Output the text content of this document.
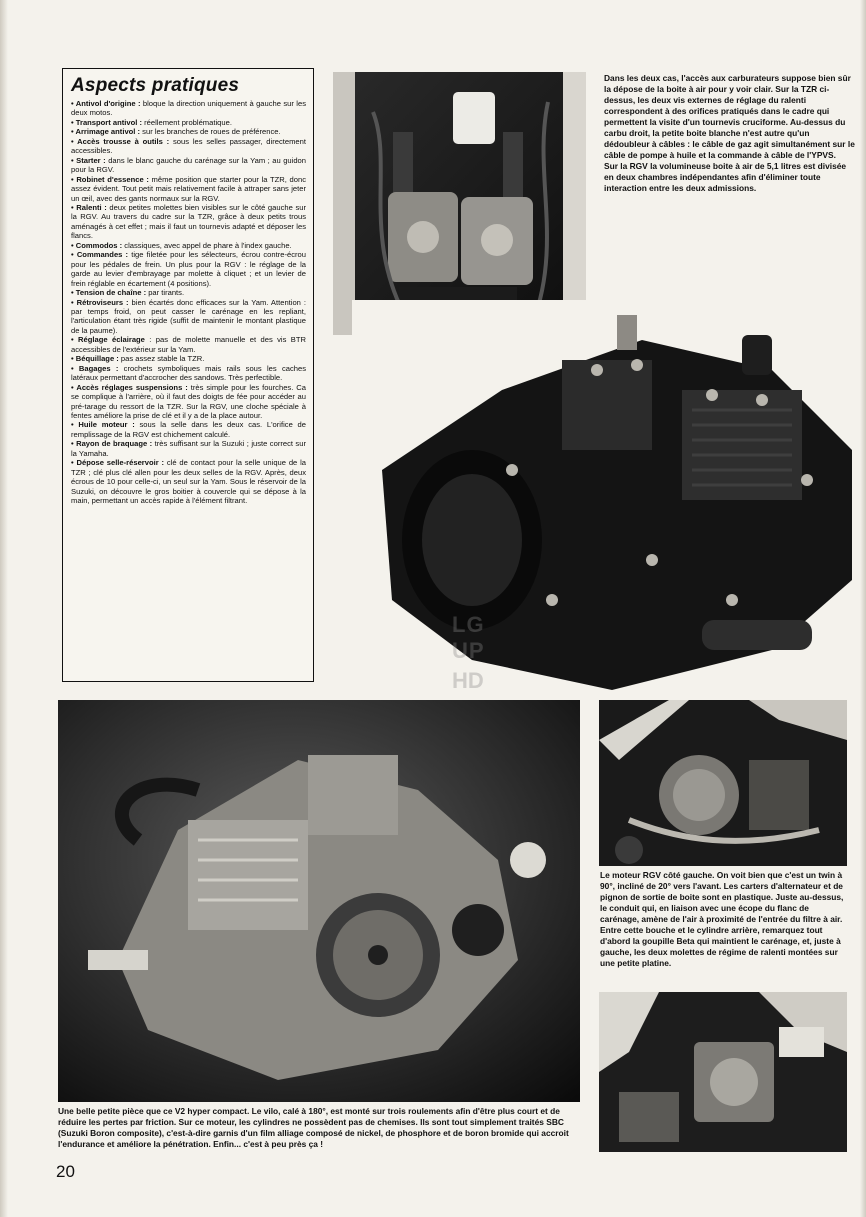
Aspects pratiques

• Antivol d'origine : bloque la direction uniquement à gauche sur les deux motos.

• Transport antivol : réellement problématique.

• Arrimage antivol : sur les branches de roues de préférence.

• Accès trousse à outils : sous les selles passager, directement accessibles.

• Starter : dans le blanc gauche du carénage sur la Yam ; au guidon pour la RGV.

• Robinet d'essence : même position que starter pour la TZR, donc assez évident. Tout petit mais relativement facile à attraper sans jeter un œil, avec des gants normaux sur la RGV.

• Ralenti : deux petites molettes bien visibles sur le côté gauche sur la RGV. Au travers du cadre sur la TZR, grâce à deux petits trous aménagés à cet effet ; mais il faut un tournevis adapté et déposer les flancs.

• Commodos : classiques, avec appel de phare à l'index gauche.

• Commandes : tige filetée pour les sélecteurs, écrou contre-écrou pour les pédales de frein. Un plus pour la RGV : le réglage de la garde au levier d'embrayage par molette à cliquet ; et un levier de frein réglable en écartement (4 positions).

• Tension de chaîne : par tirants.

• Rétroviseurs : bien écartés donc efficaces sur la Yam. Attention : par temps froid, on peut casser le carénage en les repliant, l'articulation étant très rigide (suffit de maintenir le montant plastique de la paume).

• Réglage éclairage : pas de molette manuelle et des vis BTR accessibles de l'extérieur sur la Yam.

• Béquillage : pas assez stable la TZR.

• Bagages : crochets symboliques mais rails sous les caches latéraux permettant d'accrocher des sandows. Très perfectible.

• Accès réglages suspensions : très simple pour les fourches. Ca se complique à l'arrière, où il faut des doigts de fée pour accéder au pré-tarage du ressort de la TZR. Sur la RGV, une cloche spéciale à fentes améliore la prise de clé et il y a de la place autour.

• Huile moteur : sous la selle dans les deux cas. L'orifice de remplissage de la RGV est chichement calculé.

• Rayon de braquage : très suffisant sur la Suzuki ; juste correct sur la Yamaha.

• Dépose selle-réservoir : clé de contact pour la selle unique de la TZR ; clé plus clé allen pour les deux selles de la RGV. Après, deux écrous de 10 pour celle-ci, un seul sur la Yam. Sous le réservoir de la Suzuki, on découvre le gros boitier à couvercle qui se dépose à la main, permettant un accès rapide à l'élément filtrant.

LG UP
HD
Dans les deux cas, l'accès aux carburateurs suppose bien sûr la dépose de la boite à air pour y voir clair. Sur la TZR ci-dessus, les deux vis externes de réglage du ralenti correspondent à des orifices pratiqués dans le cadre qui permettent la visite d'un tournevis cruciforme. Au-dessus du carbu droit, la petite boite blanche n'est autre qu'un dédoubleur à câbles : le câble de gaz agit simultanément sur le câble de pompe à huile et la commande à câble de l'YPVS.
Sur la RGV la volumineuse boite à air de 5,1 litres est divisée en deux chambres indépendantes afin d'éliminer toute interaction entre les deux admissions.
Le moteur RGV côté gauche. On voit bien que c'est un twin à 90°, incliné de 20° vers l'avant. Les carters d'alternateur et de pignon de sortie de boite sont en plastique. Juste au-dessus, le conduit qui, en liaison avec une écope du flanc de carénage, amène de l'air à proximité de l'entrée du filtre à air. Entre cette bouche et le cylindre arrière, remarquez tout d'abord la goupille Beta qui maintient le carénage, et, juste à gauche, les deux molettes de régime de ralenti montées sur une petite platine.
Une belle petite pièce que ce V2 hyper compact. Le vilo, calé à 180°, est monté sur trois roulements afin d'être plus court et de réduire les pertes par friction. Sur ce moteur, les cylindres ne possèdent pas de chemises. Ils sont tout simplement traités SBC (Suzuki Boron composite), c'est-à-dire garnis d'un film alliage composé de nickel, de phosphore et de boron bromide qui accroit l'endurance et améliore la pénétration. Enfin... c'est à peu près ça !
20
